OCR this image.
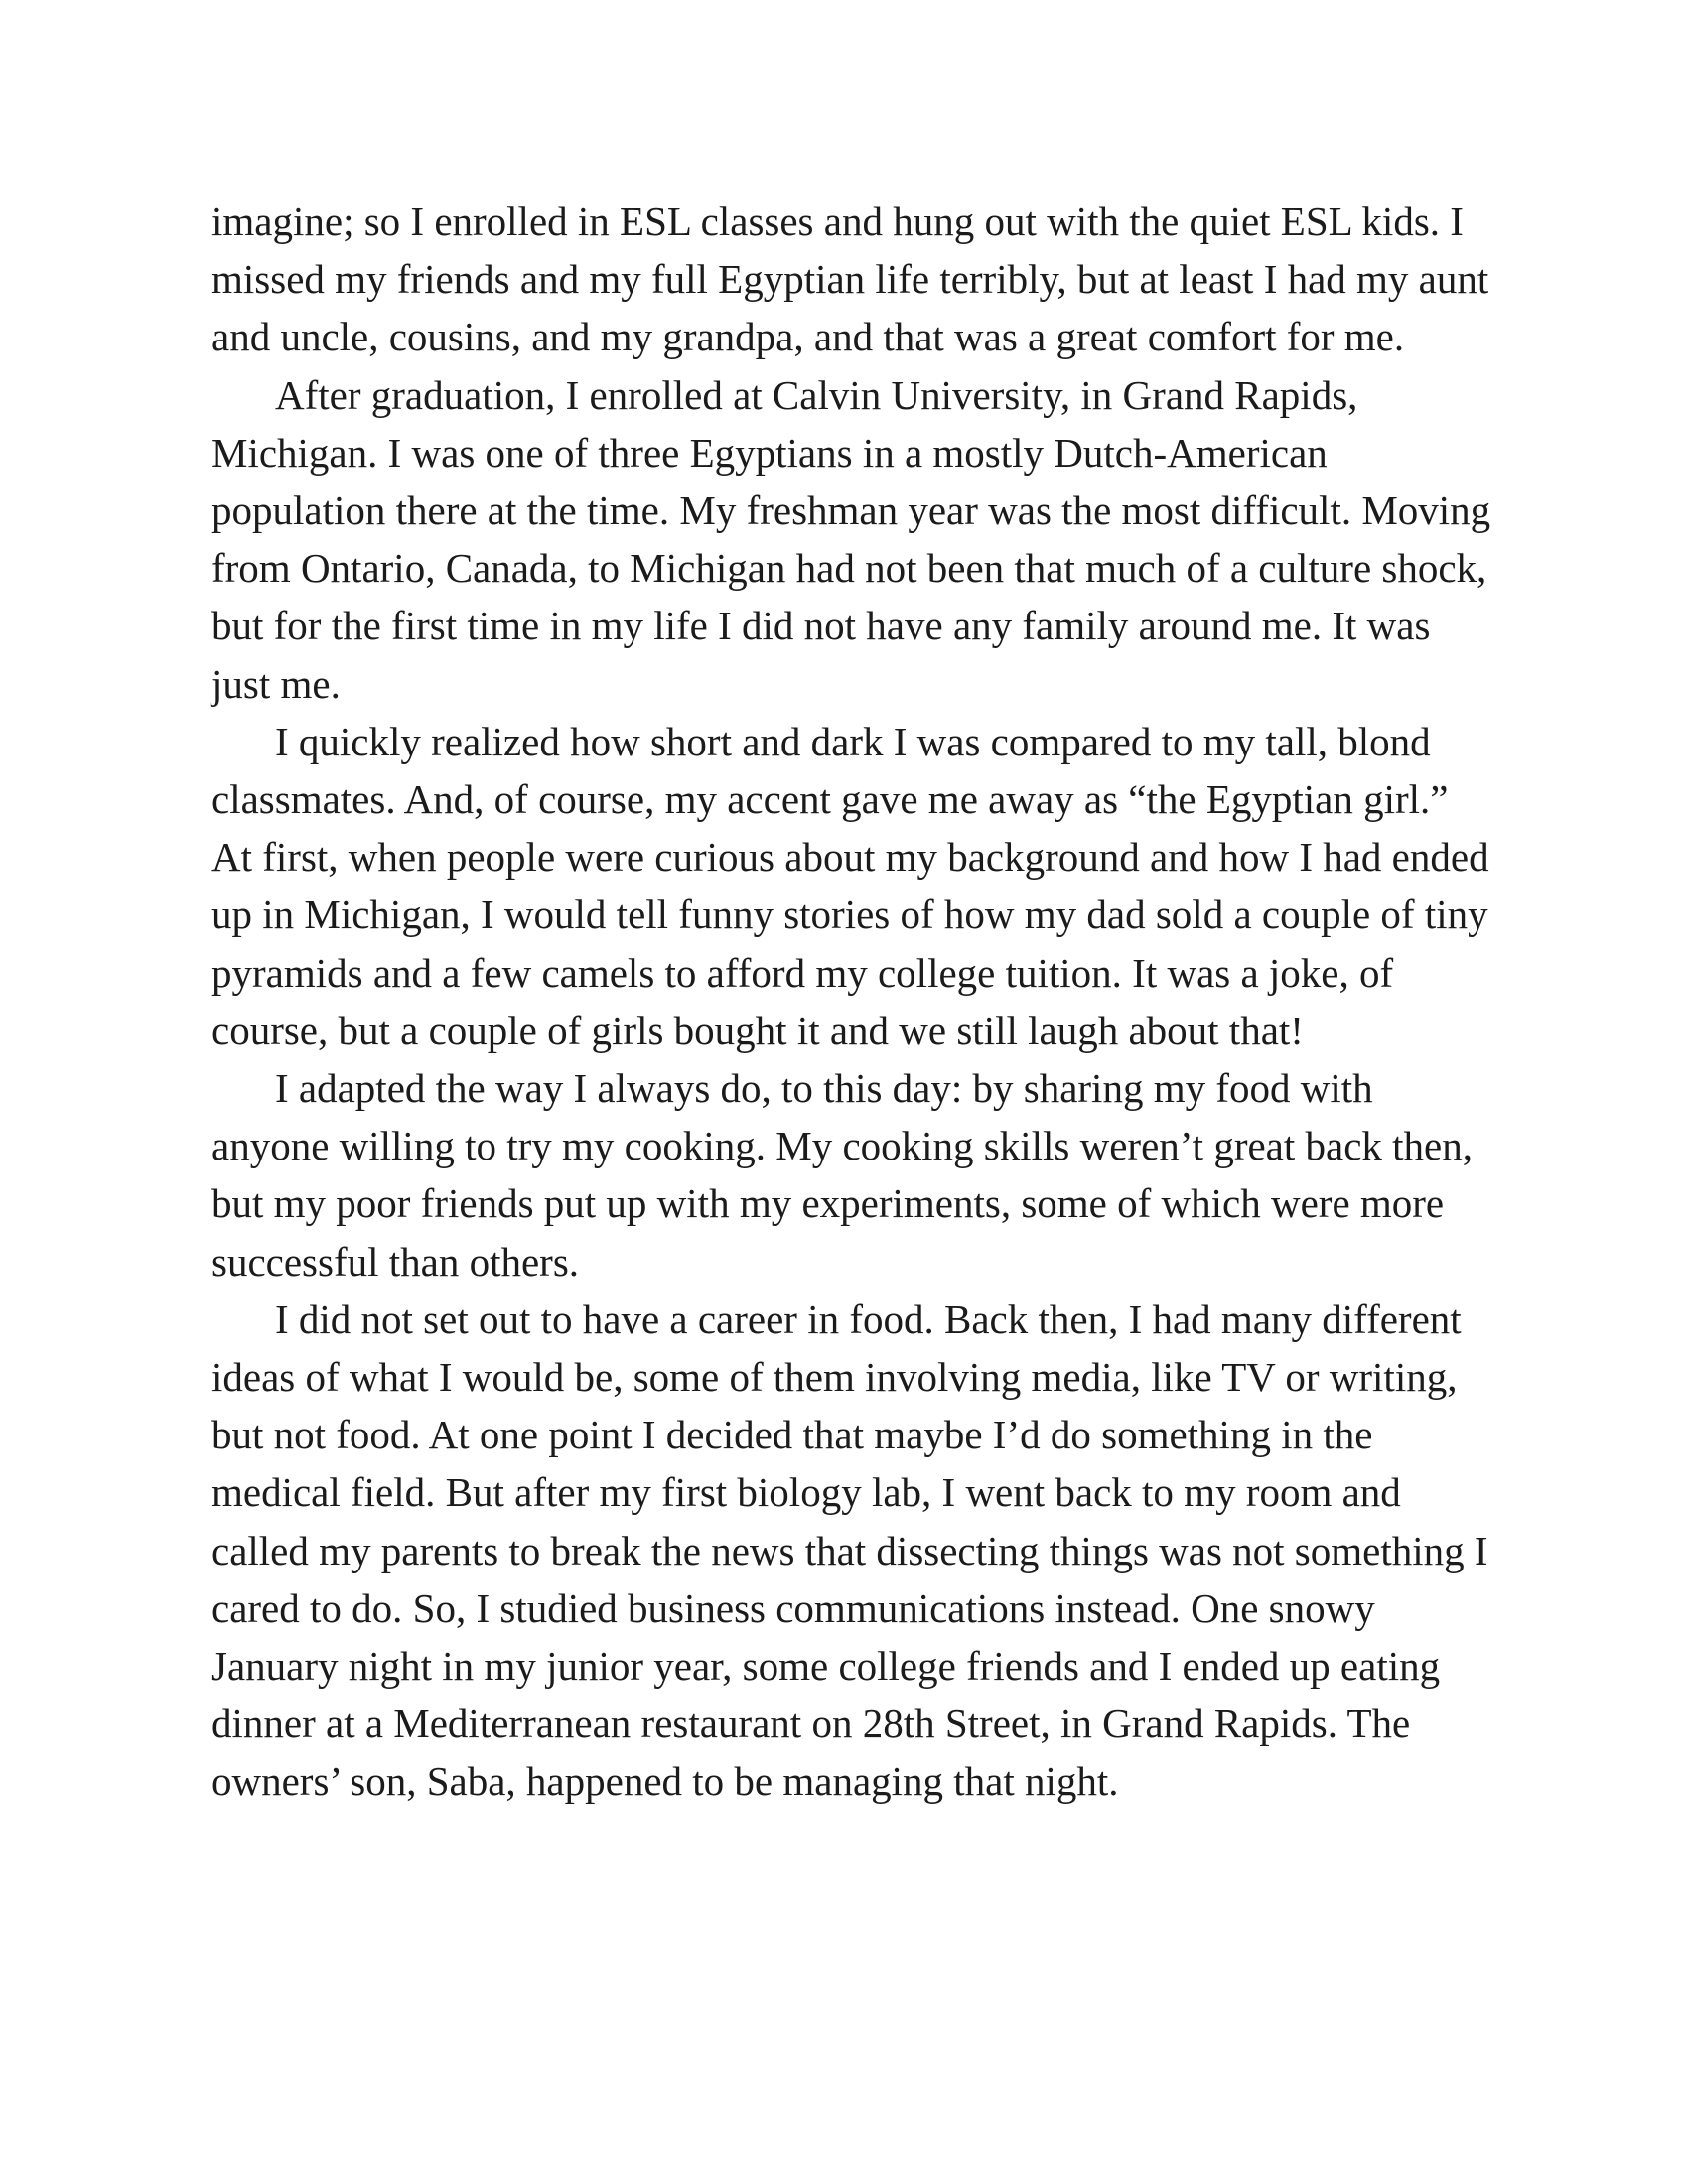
imagine; so I enrolled in ESL classes and hung out with the quiet ESL kids. I missed my friends and my full Egyptian life terribly, but at least I had my aunt and uncle, cousins, and my grandpa, and that was a great comfort for me.

After graduation, I enrolled at Calvin University, in Grand Rapids, Michigan. I was one of three Egyptians in a mostly Dutch-American population there at the time. My freshman year was the most difficult. Moving from Ontario, Canada, to Michigan had not been that much of a culture shock, but for the first time in my life I did not have any family around me. It was just me.

I quickly realized how short and dark I was compared to my tall, blond classmates. And, of course, my accent gave me away as “the Egyptian girl.” At first, when people were curious about my background and how I had ended up in Michigan, I would tell funny stories of how my dad sold a couple of tiny pyramids and a few camels to afford my college tuition. It was a joke, of course, but a couple of girls bought it and we still laugh about that!

I adapted the way I always do, to this day: by sharing my food with anyone willing to try my cooking. My cooking skills weren’t great back then, but my poor friends put up with my experiments, some of which were more successful than others.

I did not set out to have a career in food. Back then, I had many different ideas of what I would be, some of them involving media, like TV or writing, but not food. At one point I decided that maybe I’d do something in the medical field. But after my first biology lab, I went back to my room and called my parents to break the news that dissecting things was not something I cared to do. So, I studied business communications instead. One snowy January night in my junior year, some college friends and I ended up eating dinner at a Mediterranean restaurant on 28th Street, in Grand Rapids. The owners’ son, Saba, happened to be managing that night.
